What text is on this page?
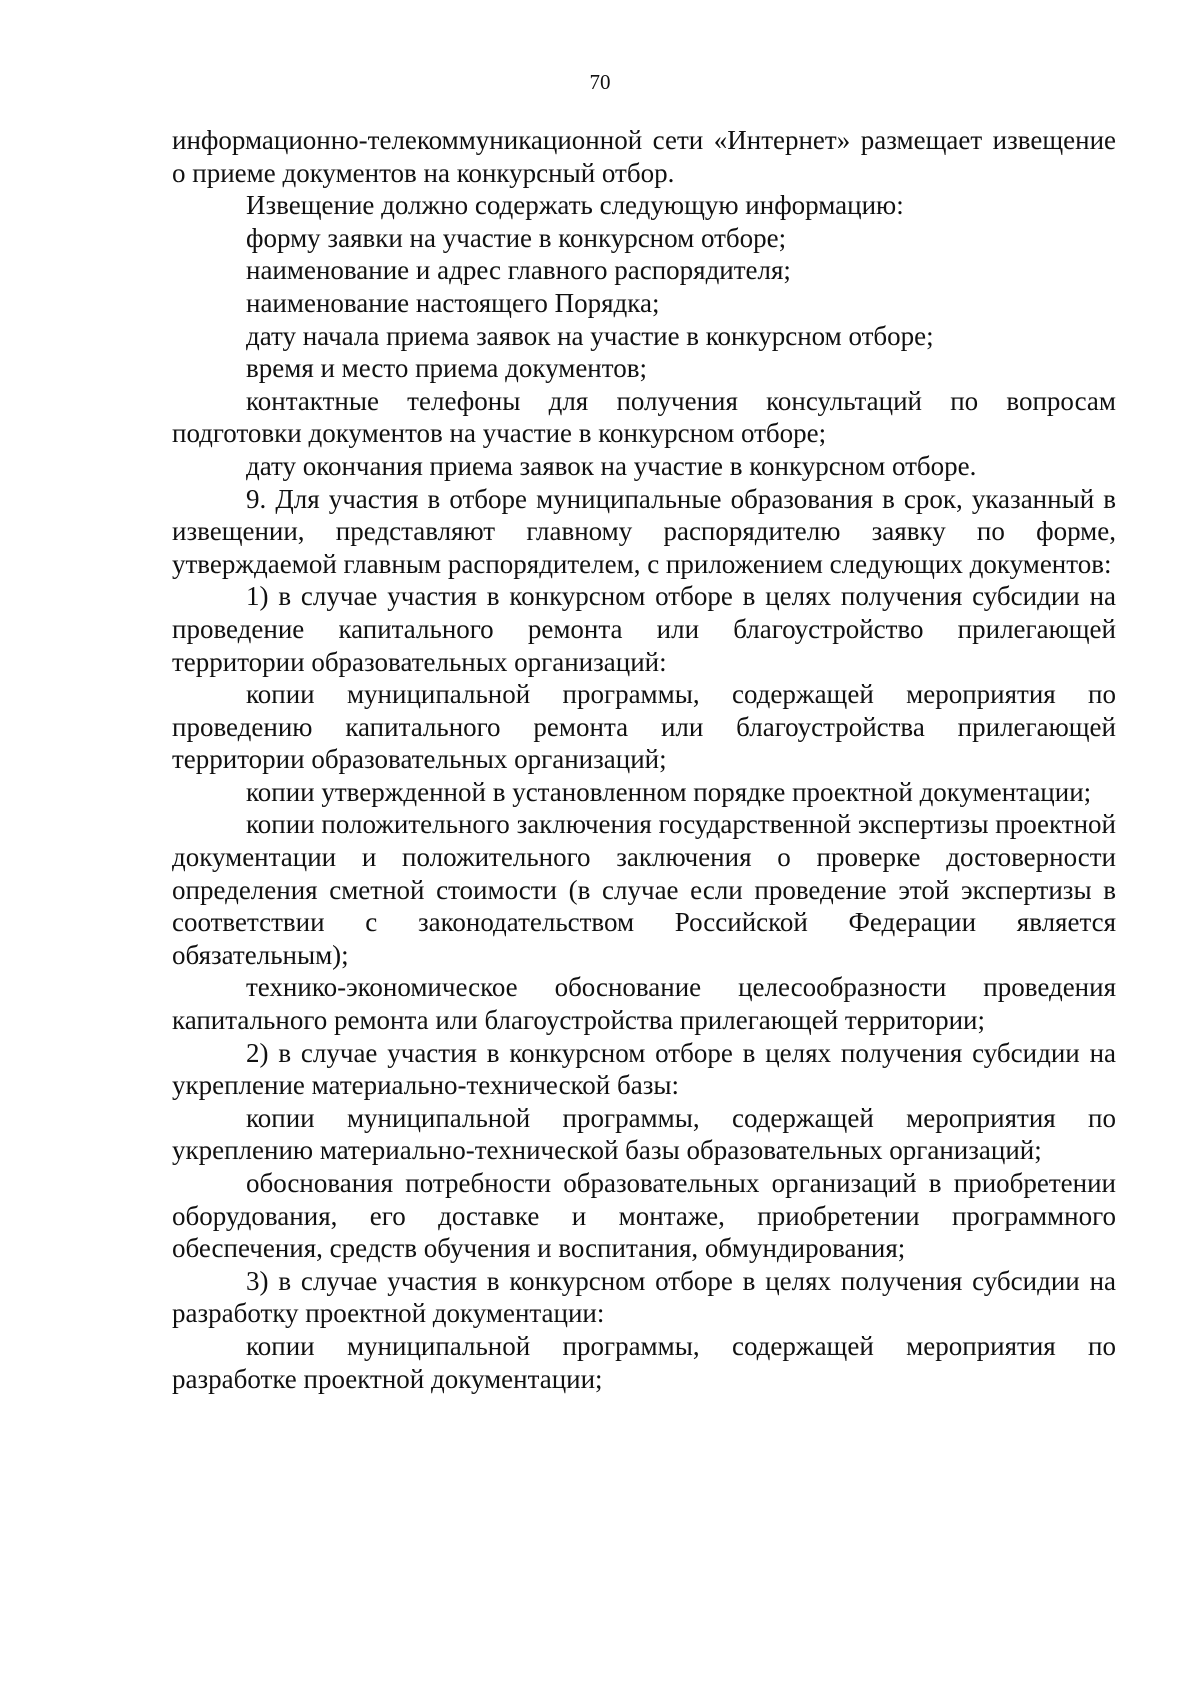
70

информационно-телекоммуникационной сети «Интернет» размещает извещение о приеме документов на конкурсный отбор.

Извещение должно содержать следующую информацию:

форму заявки на участие в конкурсном отборе;

наименование и адрес главного распорядителя;

наименование настоящего Порядка;

дату начала приема заявок на участие в конкурсном отборе;

время и место приема документов;

контактные телефоны для получения консультаций по вопросам подготовки документов на участие в конкурсном отборе;

дату окончания приема заявок на участие в конкурсном отборе.

9. Для участия в отборе муниципальные образования в срок, указанный в извещении, представляют главному распорядителю заявку по форме, утверждаемой главным распорядителем, с приложением следующих документов:

1) в случае участия в конкурсном отборе в целях получения субсидии на проведение капитального ремонта или благоустройство прилегающей территории образовательных организаций:

копии муниципальной программы, содержащей мероприятия по проведению капитального ремонта или благоустройства прилегающей территории образовательных организаций;

копии утвержденной в установленном порядке проектной документации;

копии положительного заключения государственной экспертизы проектной документации и положительного заключения о проверке достоверности определения сметной стоимости (в случае если проведение этой экспертизы в соответствии с законодательством Российской Федерации является обязательным);

технико-экономическое обоснование целесообразности проведения капитального ремонта или благоустройства прилегающей территории;

2) в случае участия в конкурсном отборе в целях получения субсидии на укрепление материально-технической базы:

копии муниципальной программы, содержащей мероприятия по укреплению материально-технической базы образовательных организаций;

обоснования потребности образовательных организаций в приобретении оборудования, его доставке и монтаже, приобретении программного обеспечения, средств обучения и воспитания, обмундирования;

3) в случае участия в конкурсном отборе в целях получения субсидии на разработку проектной документации:

копии муниципальной программы, содержащей мероприятия по разработке проектной документации;
